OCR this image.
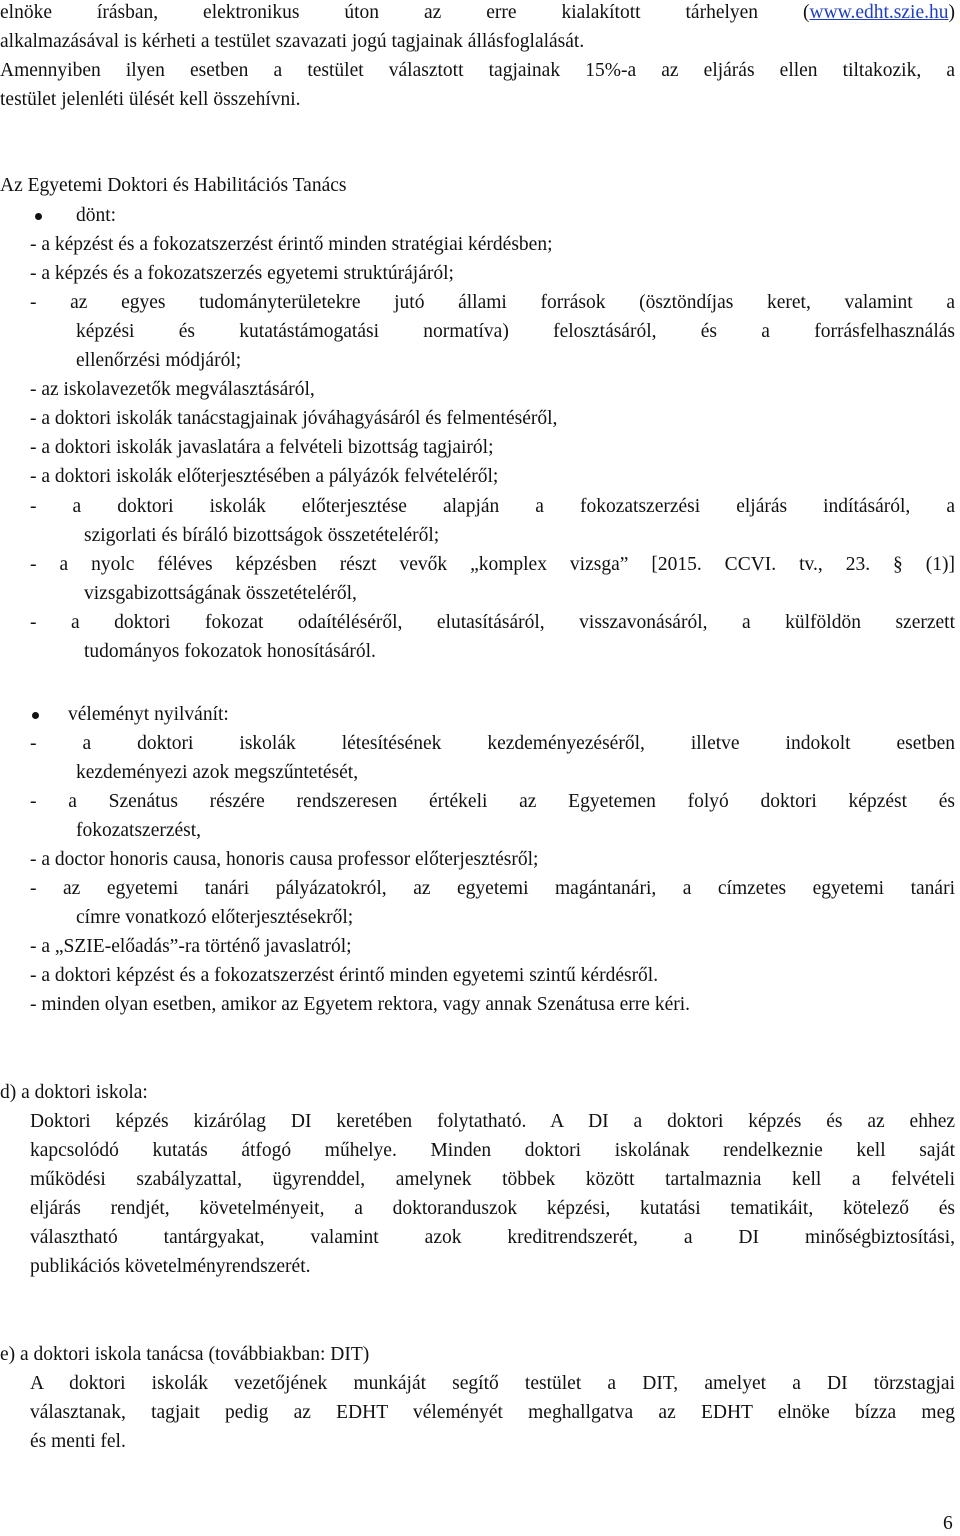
elnöke írásban, elektronikus úton az erre kialakított tárhelyen (www.edht.szie.hu)
alkalmazásával is kérheti a testület szavazati jogú tagjainak állásfoglalását.
Amennyiben ilyen esetben a testület választott tagjainak 15%-a az eljárás ellen tiltakozik, a
testület jelenléti ülését kell összehívni.
Az Egyetemi Doktori és Habilitációs Tanács
dönt:
- a képzést és a fokozatszerzést érintő minden stratégiai kérdésben;
- a képzés és a fokozatszerzés egyetemi struktúrájáról;
- az egyes tudományterületekre jutó állami források (ösztöndíjas keret, valamint a
képzési és kutatástámogatási normatíva) felosztásáról, és a forrásfelhasználás
ellenőrzési módjáról;
- az iskolavezetők megválasztásáról,
- a doktori iskolák tanácstagjainak jóváhagyásáról és felmentéséről,
- a doktori iskolák javaslatára a felvételi bizottság tagjairól;
- a doktori iskolák előterjesztésében a pályázók felvételéről;
- a doktori iskolák előterjesztése alapján a fokozatszerzési eljárás indításáról, a
szigorlati és bíráló bizottságok összetételéről;
- a nyolc féléves képzésben részt vevők „komplex vizsga” [2015. CCVI. tv., 23. § (1)]
vizsgabizottságának összetételéről,
- a doktori fokozat odaítéléséről, elutasításáról, visszavonásáról, a külföldön szerzett
tudományos fokozatok honosításáról.
véleményt nyilvánít:
- a doktori iskolák létesítésének kezdeményezéséről, illetve indokolt esetben
kezdeményezi azok megszűntetését,
- a Szenátus részére rendszeresen értékeli az Egyetemen folyó doktori képzést és
fokozatszerzést,
- a doctor honoris causa, honoris causa professor előterjesztésről;
- az egyetemi tanári pályázatokról, az egyetemi magántanári, a címzetes egyetemi tanári
címre vonatkozó előterjesztésekről;
- a „SZIE-előadás”-ra történő javaslatról;
- a doktori képzést és a fokozatszerzést érintő minden egyetemi szintű kérdésről.
- minden olyan esetben, amikor az Egyetem rektora, vagy annak Szenátusa erre kéri.
d) a doktori iskola:
Doktori képzés kizárólag DI keretében folytatható. A DI a doktori képzés és az ehhez
kapcsolódó kutatás átfogó műhelye. Minden doktori iskolának rendelkeznie kell saját
működési szabályzattal, ügyrenddel, amelynek többek között tartalmaznia kell a felvételi
eljárás rendjét, követelményeit, a doktoranduszok képzési, kutatási tematikáit, kötelező és
választható tantárgyakat, valamint azok kreditrendszerét, a DI minőségbiztosítási,
publikációs követelményrendszerét.
e) a doktori iskola tanácsa (továbbiakban: DIT)
A doktori iskolák vezetőjének munkáját segítő testület a DIT, amelyet a DI törzstagjai
választanak, tagjait pedig az EDHT véleményét meghallgatva az EDHT elnöke bízza meg
és menti fel.
6
